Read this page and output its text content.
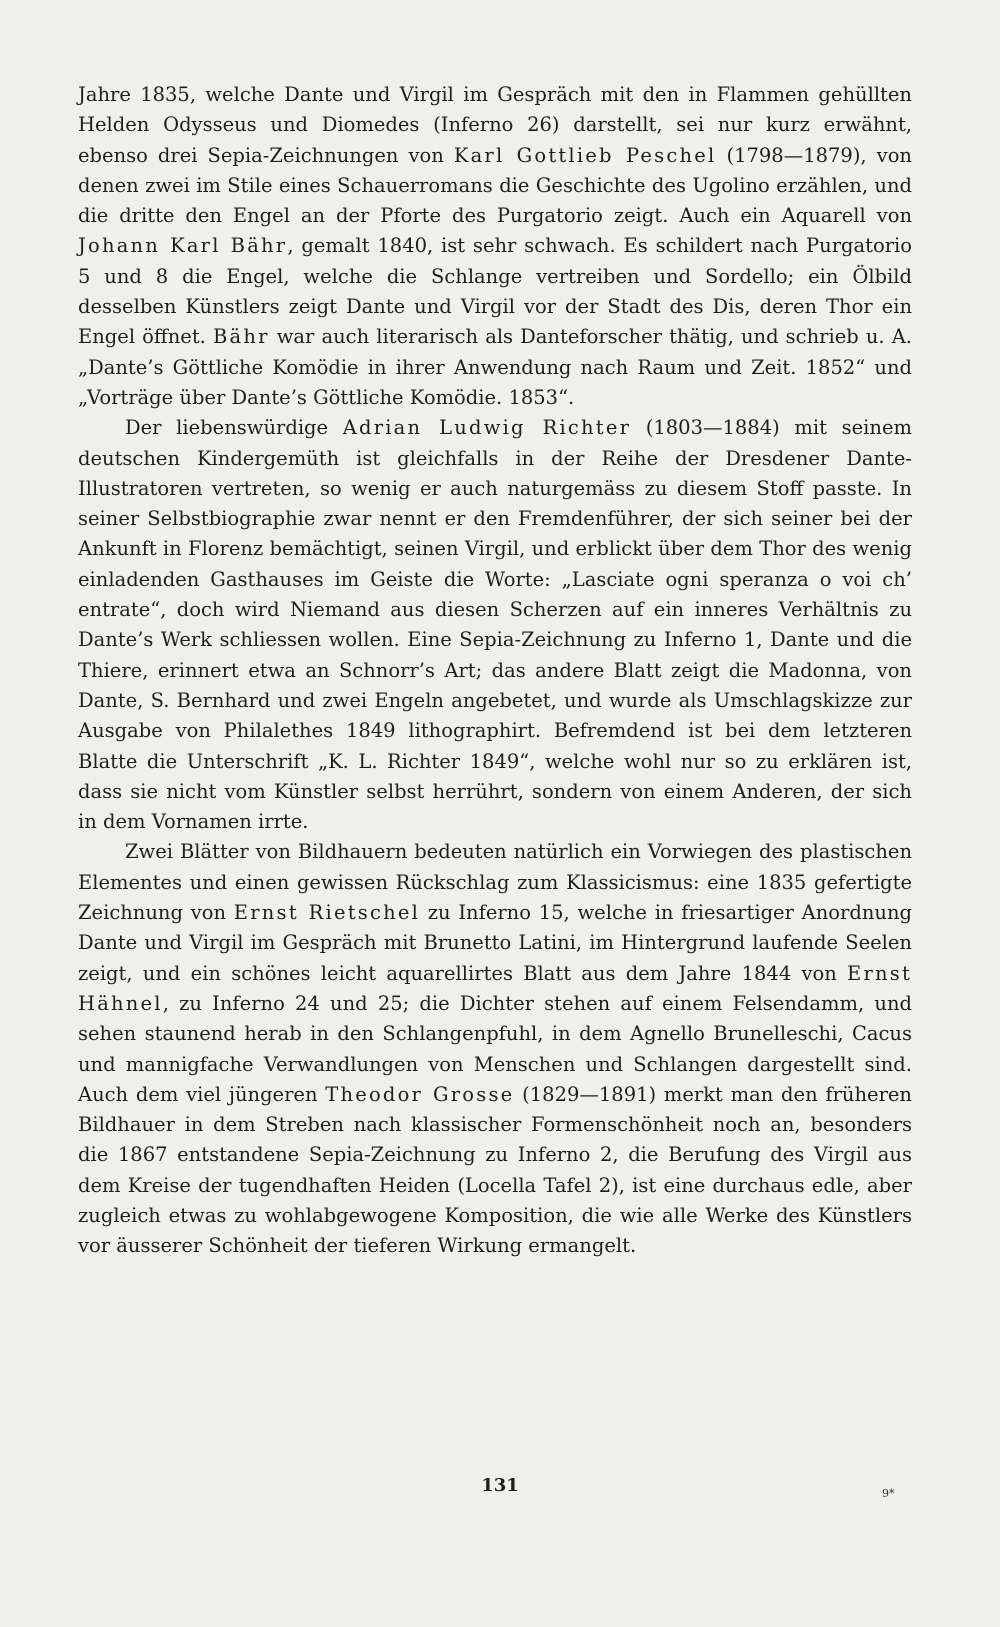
Jahre 1835, welche Dante und Virgil im Gespräch mit den in Flammen gehüllten Helden Odysseus und Diomedes (Inferno 26) darstellt, sei nur kurz erwähnt, ebenso drei Sepia-Zeichnungen von Karl Gottlieb Peschel (1798—1879), von denen zwei im Stile eines Schauerromans die Geschichte des Ugolino erzählen, und die dritte den Engel an der Pforte des Purgatorio zeigt. Auch ein Aquarell von Johann Karl Bähr, gemalt 1840, ist sehr schwach. Es schildert nach Purgatorio 5 und 8 die Engel, welche die Schlange vertreiben und Sordello; ein Ölbild desselben Künstlers zeigt Dante und Virgil vor der Stadt des Dis, deren Thor ein Engel öffnet. Bähr war auch literarisch als Danteforscher thätig, und schrieb u. A. „Dante’s Göttliche Komödie in ihrer Anwendung nach Raum und Zeit. 1852“ und „Vorträge über Dante’s Göttliche Komödie. 1853“.

Der liebenswürdige Adrian Ludwig Richter (1803—1884) mit seinem deutschen Kindergemüth ist gleichfalls in der Reihe der Dresdener Dante-Illustratoren vertreten, so wenig er auch naturgemäss zu diesem Stoff passte. In seiner Selbstbiographie zwar nennt er den Fremdenführer, der sich seiner bei der Ankunft in Florenz bemächtigt, seinen Virgil, und erblickt über dem Thor des wenig einladenden Gasthauses im Geiste die Worte: „Lasciate ogni speranza o voi ch’ entrate“, doch wird Niemand aus diesen Scherzen auf ein inneres Verhältnis zu Dante’s Werk schliessen wollen. Eine Sepia-Zeichnung zu Inferno 1, Dante und die Thiere, erinnert etwa an Schnorr’s Art; das andere Blatt zeigt die Madonna, von Dante, S. Bernhard und zwei Engeln angebetet, und wurde als Umschlagskizze zur Ausgabe von Philalethes 1849 lithographirt. Befremdend ist bei dem letzteren Blatte die Unterschrift „K. L. Richter 1849“, welche wohl nur so zu erklären ist, dass sie nicht vom Künstler selbst herrührt, sondern von einem Anderen, der sich in dem Vornamen irrte.

Zwei Blätter von Bildhauern bedeuten natürlich ein Vorwiegen des plastischen Elementes und einen gewissen Rückschlag zum Klassicismus: eine 1835 gefertigte Zeichnung von Ernst Rietschel zu Inferno 15, welche in friesartiger Anordnung Dante und Virgil im Gespräch mit Brunetto Latini, im Hintergrund laufende Seelen zeigt, und ein schönes leicht aquarellirtes Blatt aus dem Jahre 1844 von Ernst Hähnel, zu Inferno 24 und 25; die Dichter stehen auf einem Felsendamm, und sehen staunend herab in den Schlangenpfuhl, in dem Agnello Brunelleschi, Cacus und mannigfache Verwandlungen von Menschen und Schlangen dargestellt sind. Auch dem viel jüngeren Theodor Grosse (1829—1891) merkt man den früheren Bildhauer in dem Streben nach klassischer Formenschönheit noch an, besonders die 1867 entstandene Sepia-Zeichnung zu Inferno 2, die Berufung des Virgil aus dem Kreise der tugendhaften Heiden (Locella Tafel 2), ist eine durchaus edle, aber zugleich etwas zu wohlabgewogene Komposition, die wie alle Werke des Künstlers vor äusserer Schönheit der tieferen Wirkung ermangelt.

131	9*
